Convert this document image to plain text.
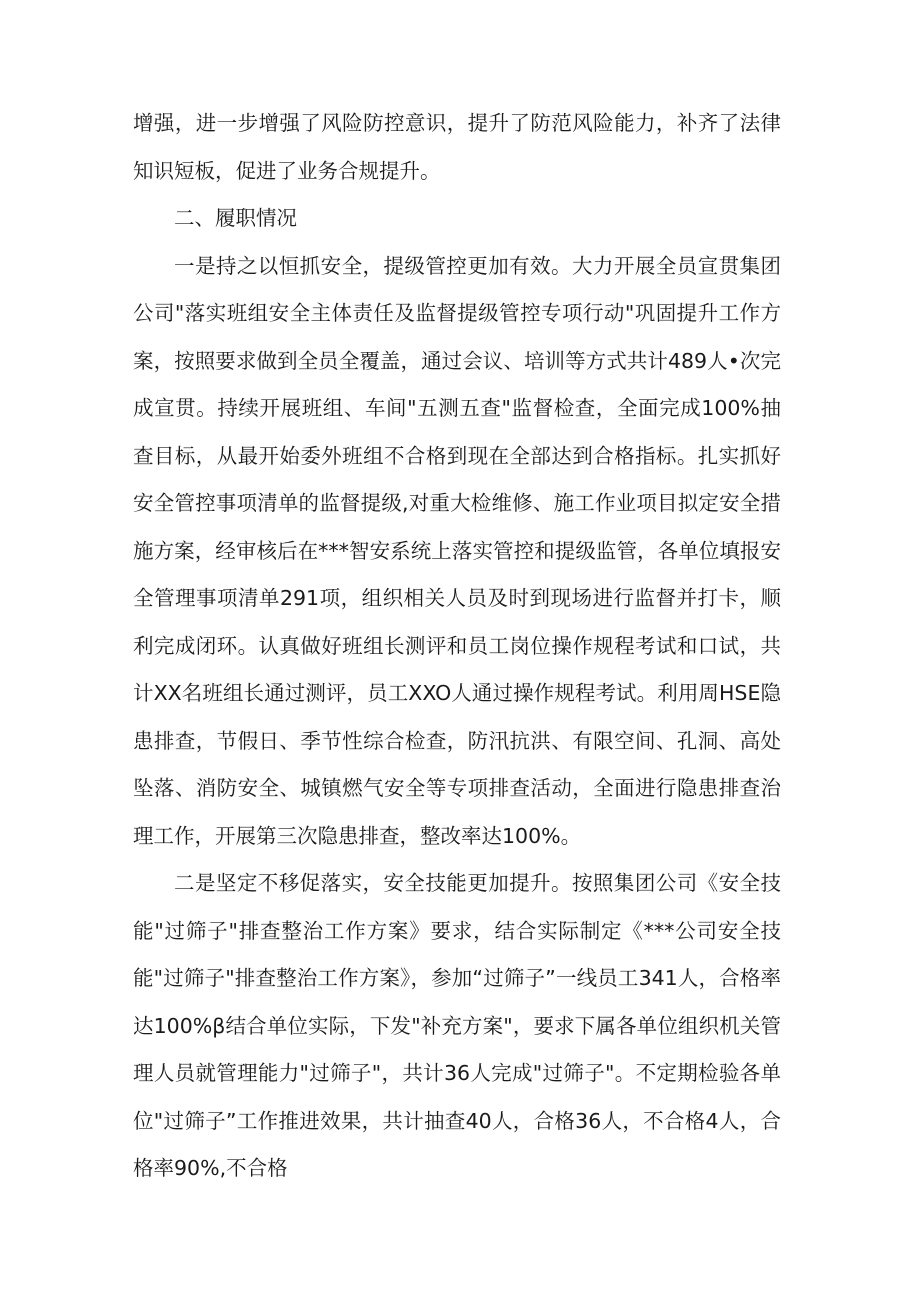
增强，进一步增强了风险防控意识，提升了防范风险能力，补齐了法律知识短板，促进了业务合规提升。

二、履职情况

一是持之以恒抓安全，提级管控更加有效。大力开展全员宣贯集团公司"落实班组安全主体责任及监督提级管控专项行动"巩固提升工作方案，按照要求做到全员全覆盖，通过会议、培训等方式共计489人•次完成宣贯。持续开展班组、车间"五测五查"监督检查，全面完成100%抽查目标，从最开始委外班组不合格到现在全部达到合格指标。扎实抓好安全管控事项清单的监督提级,对重大检维修、施工作业项目拟定安全措施方案，经审核后在***智安系统上落实管控和提级监管，各单位填报安全管理事项清单291项，组织相关人员及时到现场进行监督并打卡，顺利完成闭环。认真做好班组长测评和员工岗位操作规程考试和口试，共计XX名班组长通过测评，员工XXO人通过操作规程考试。利用周HSE隐患排查，节假日、季节性综合检查，防汛抗洪、有限空间、孔洞、高处坠落、消防安全、城镇燃气安全等专项排查活动，全面进行隐患排查治理工作，开展第三次隐患排查，整改率达100%。

二是坚定不移促落实，安全技能更加提升。按照集团公司《安全技能"过筛子"排查整治工作方案》要求，结合实际制定《***公司安全技能"过筛子"排查整治工作方案》，参加“过筛子”一线员工341人，合格率达100%β结合单位实际，下发"补充方案"，要求下属各单位组织机关管理人员就管理能力"过筛子"，共计36人完成"过筛子"。不定期检验各单位"过筛子”工作推进效果，共计抽查40人，合格36人，不合格4人，合格率90%,不合格
